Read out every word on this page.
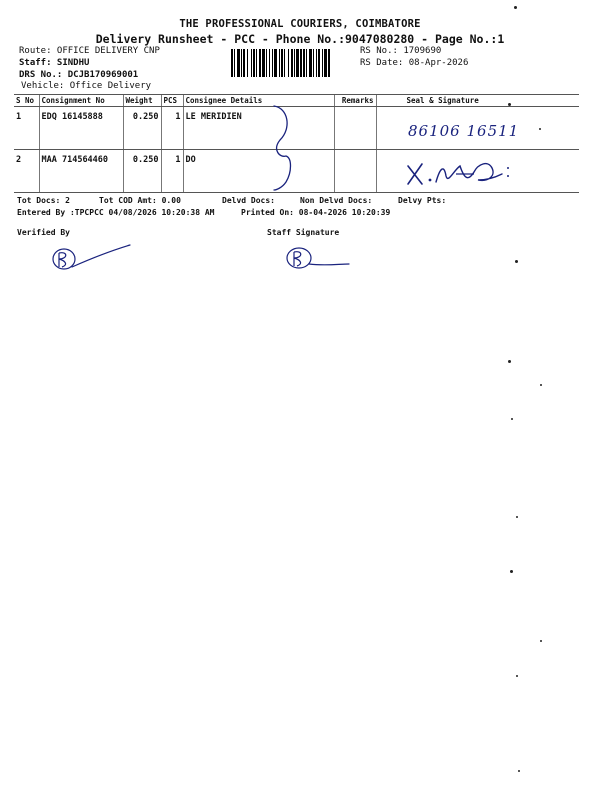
THE PROFESSIONAL COURIERS, COIMBATORE
Delivery Runsheet - PCC - Phone No.:9047080280 - Page No.:1
Route: OFFICE DELIVERY CNP
Staff: SINDHU
DRS No.: DCJB170969001
Vehicle: Office Delivery
RS No.: 1709690
RS Date: 08-Apr-2026
S No	Consignment No	Weight	PCS	Consignee Details	Remarks	Seal & Signature
1	EDQ 16145888	0.250	1	LE MERIDIEN		
2	MAA 714564460	0.250	1	DO		
86106 16511
Tot Docs: 2	Tot COD Amt: 0.00	Delvd Docs:	Non Delvd Docs:	Delvy Pts:
Entered By :TPCPCC 04/08/2026 10:20:38 AM	Printed On: 08-04-2026 10:20:39
Verified By	Staff Signature
